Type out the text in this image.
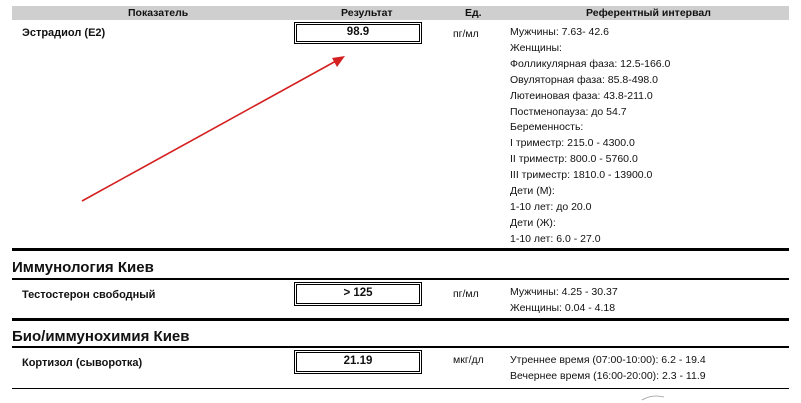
Показатель	Результат	Ед.	Референтный интервал
Эстрадиол (E2)	98.9	пг/мл	Мужчины: 7.63- 42.6
Женщины:
Фолликулярная фаза: 12.5-166.0
Овуляторная фаза: 85.8-498.0
Лютеиновая фаза: 43.8-211.0
Постменопауза: до 54.7
Беременность:
I триместр: 215.0 - 4300.0
II триместр: 800.0 - 5760.0
III триместр: 1810.0 - 13900.0
Дети (М):
1-10 лет: до 20.0
Дети (Ж):
1-10 лет: 6.0 - 27.0
Иммунология Киев
Тестостерон свободный	> 125	пг/мл	Мужчины: 4.25 - 30.37
Женщины: 0.04 - 4.18
Био/иммунохимия Киев
Кортизол (сыворотка)	21.19	мкг/дл Утреннее время (07:00-10:00): 6.2 - 19.4
Вечернее время (16:00-20:00): 2.3 - 11.9
